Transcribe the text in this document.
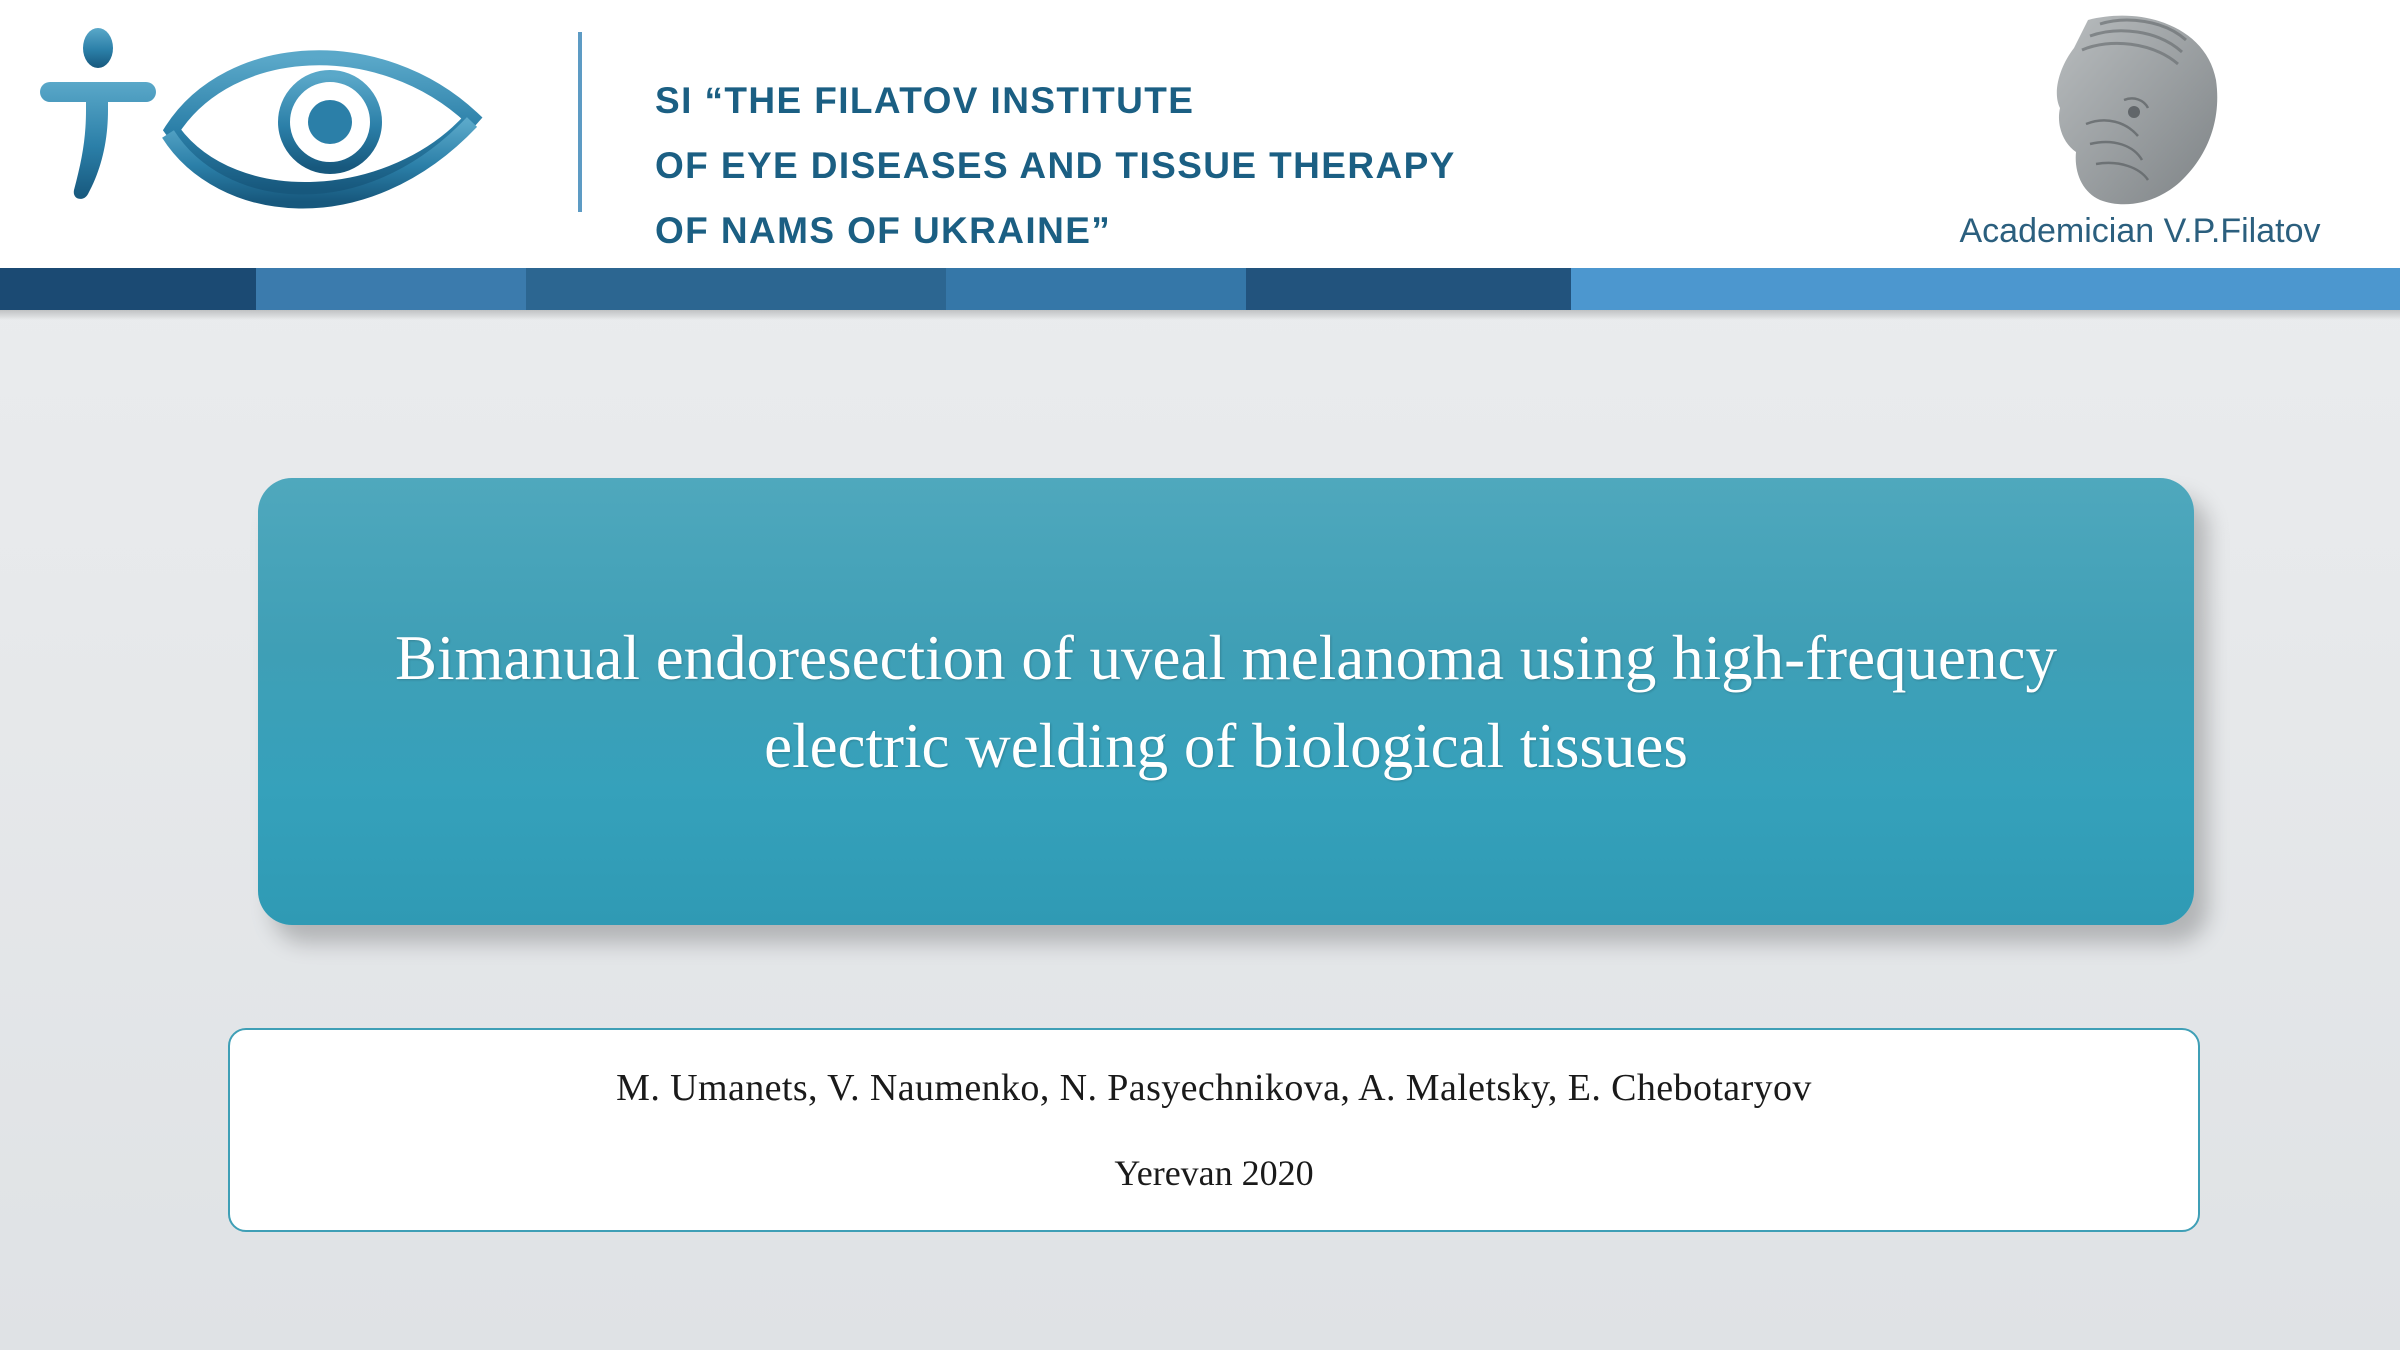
SI “THE FILATOV INSTITUTE
OF EYE DISEASES AND TISSUE THERAPY
OF NAMS OF UKRAINE”	Academician V.P.Filatov
Bimanual endoresection of uveal melanoma using high-frequency electric welding of biological tissues
M. Umanets, V. Naumenko, N. Pasyechnikova, A. Maletsky, E. Chebotaryov
Yerevan 2020
